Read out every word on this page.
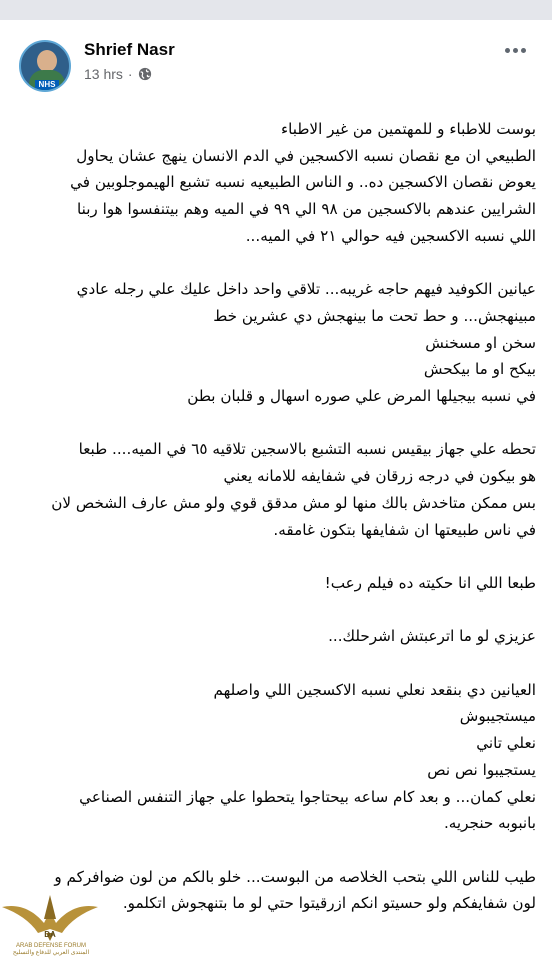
NHS
Shrief Nasr
13 hrs ·

بوست للاطباء و للمهتمين من غير الاطباء

الطبيعي ان مع نقصان نسبه الاكسجين في الدم الانسان ينهج عشان يحاول

يعوض نقصان الاكسجين ده.. و الناس الطبيعيه نسبه تشبع الهيموجلوبين في

الشرايين عندهم بالاكسجين من ٩٨ الي ٩٩ في الميه وهم بيتنفسوا هوا ربنا

اللي نسبه الاكسجين فيه حوالي ٢١ في الميه...

عيانين الكوفيد فيهم حاجه غريبه... تلاقي واحد داخل عليك علي رجله عادي

مبينهجش... و حط تحت ما بينهجش دي عشرين خط

سخن او مسخنش

بيكح او ما بيكحش

في نسبه بيجيلها المرض علي صوره اسهال و قلبان بطن

تحطه علي جهاز بيقيس نسبه التشبع بالاسجين تلاقيه ٦٥ في الميه.... طبعا

هو بيكون في درجه زرقان في شفايفه للامانه يعني

بس ممكن متاخدش بالك منها لو مش مدقق قوي ولو مش عارف الشخص لان

في ناس طبيعتها ان شفايفها بتكون غامقه.

طبعا اللي انا حكيته ده فيلم رعب!

عزيزي لو ما اترعبتش اشرحلك...

العيانين دي بنقعد نعلي نسبه الاكسجين اللي واصلهم

ميستجيبوش

نعلي تاني

يستجيبوا نص نص

نعلي كمان... و بعد كام ساعه بيحتاجوا يتحطوا علي جهاز التنفس الصناعي

بانبوبه حنجريه.

طيب للناس اللي بتحب الخلاصه من البوست... خلو بالكم من لون ضوافركم و

لون شفايفكم ولو حسيتو انكم ازرقيتوا حتي لو ما بتنهجوش اتكلمو.

DA
ARAB DEFENSE FORUM
المنتدى العربي للدفاع والتسليح
